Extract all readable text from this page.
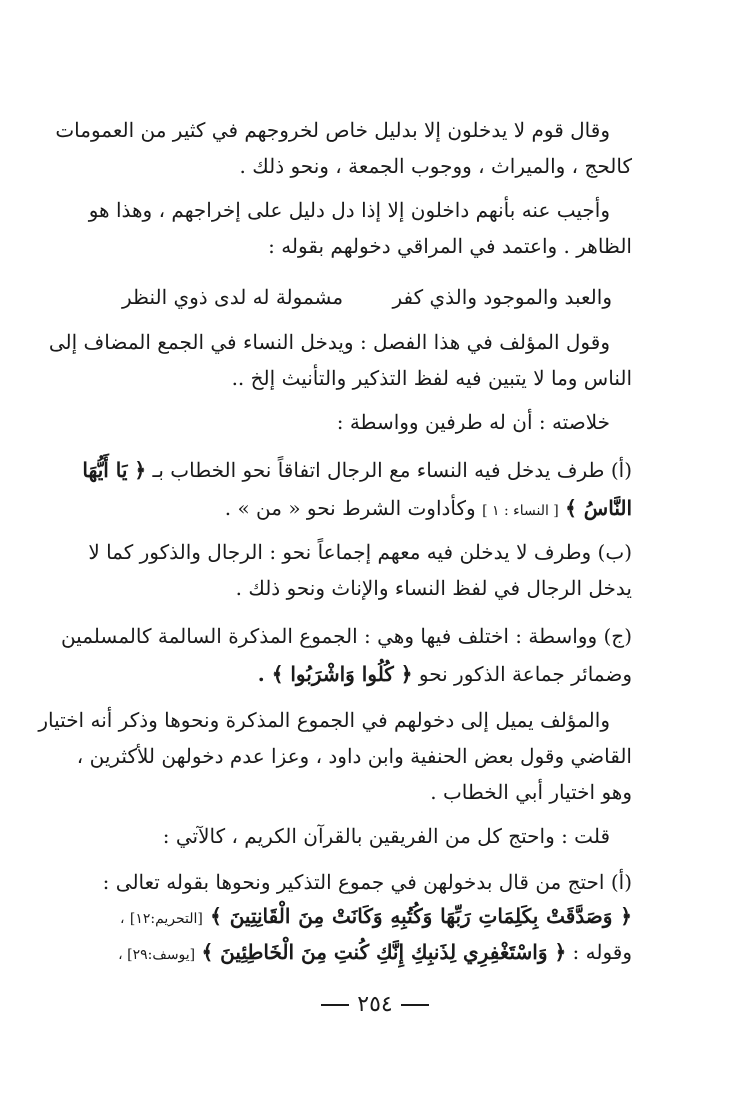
وقال قوم لا يدخلون إلا بدليل خاص لخروجهم في كثير من العمومات
كالحج ، والميراث ، ووجوب الجمعة ، ونحو ذلك .
وأجيب عنه بأنهم داخلون إلا إذا دل دليل على إخراجهم ، وهذا هو
الظاهر . واعتمد في المراقي دخولهم بقوله :
والعبد والموجود والذي كفر
مشمولة له لدى ذوي النظر
وقول المؤلف في هذا الفصل : ويدخل النساء في الجمع المضاف إلى
الناس وما لا يتبين فيه لفظ التذكير والتأنيث إلخ ..
خلاصته : أن له طرفين وواسطة :
(أ) طرف يدخل فيه النساء مع الرجال اتفاقاً نحو الخطاب بـ ﴿ يَا أَيُّهَا
النَّاسُ ﴾ [ النساء : ١ ] وكأداوت الشرط نحو « من » .
(ب) وطرف لا يدخلن فيه معهم إجماعاً نحو : الرجال والذكور كما لا
يدخل الرجال في لفظ النساء والإناث ونحو ذلك .
(ج) وواسطة : اختلف فيها وهي : الجموع المذكرة السالمة كالمسلمين
وضمائر جماعة الذكور نحو ﴿ كُلُوا وَاشْرَبُوا ﴾ .
والمؤلف يميل إلى دخولهم في الجموع المذكرة ونحوها وذكر أنه اختيار
القاضي وقول بعض الحنفية وابن داود ، وعزا عدم دخولهن للأكثرين ،
وهو اختيار أبي الخطاب .
قلت : واحتج كل من الفريقين بالقرآن الكريم ، كالآتي :
(أ) احتج من قال بدخولهن في جموع التذكير ونحوها بقوله تعالى :
﴿ وَصَدَّقَتْ بِكَلِمَاتِ رَبِّهَا وَكُتُبِهِ وَكَانَتْ مِنَ الْقَانِتِينَ ﴾ [التحريم:١٢] ،
وقوله : ﴿ وَاسْتَغْفِرِي لِذَنبِكِ إِنَّكِ كُنتِ مِنَ الْخَاطِئِينَ ﴾ [يوسف:٢٩] ،
٢٥٤
